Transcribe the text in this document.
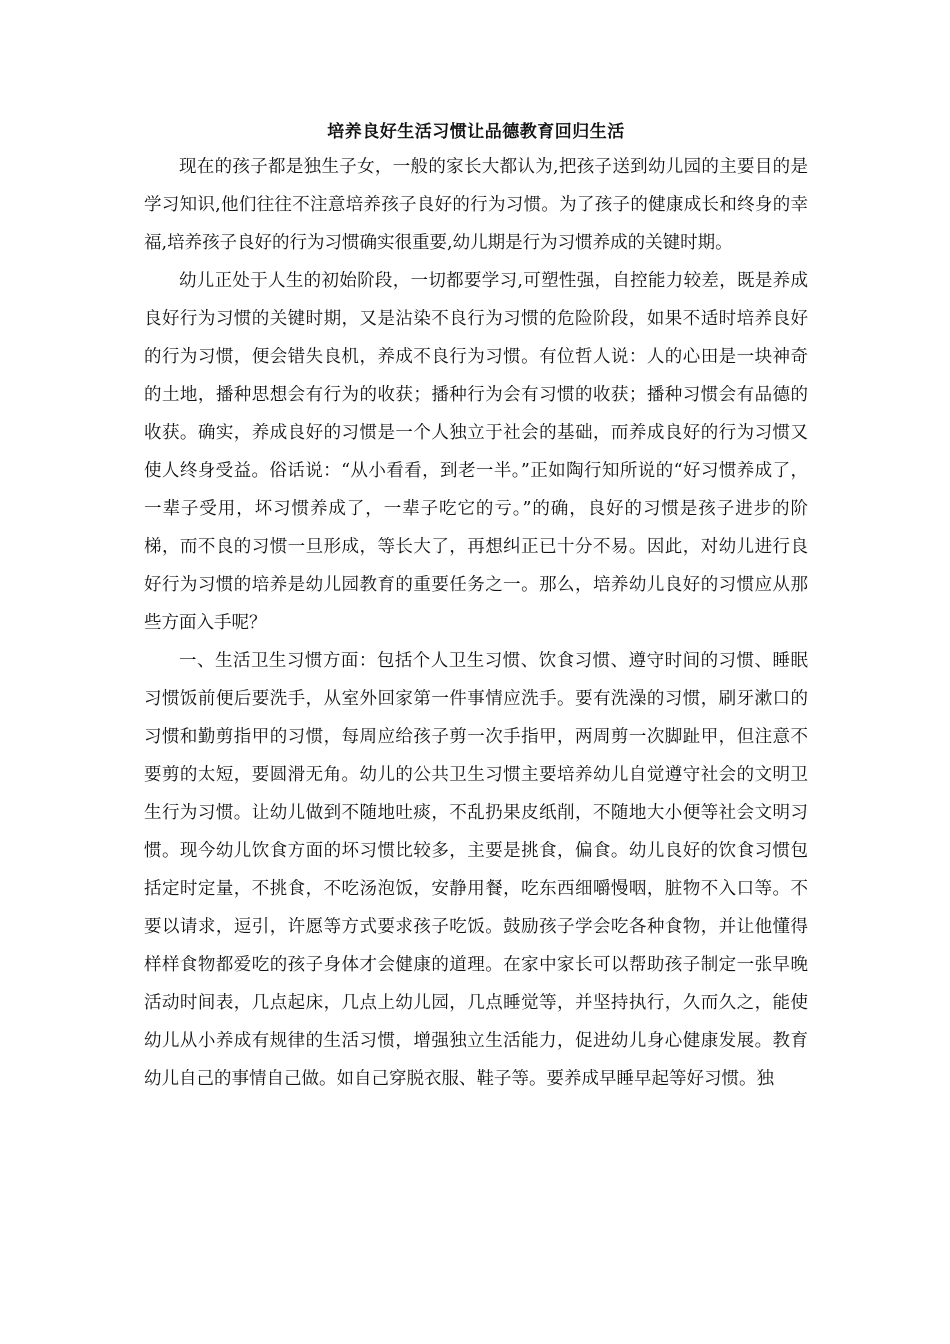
培养良好生活习惯让品德教育回归生活

现在的孩子都是独生子女，一般的家长大都认为,把孩子送到幼儿园的主要目的是学习知识,他们往往不注意培养孩子良好的行为习惯。为了孩子的健康成长和终身的幸福,培养孩子良好的行为习惯确实很重要,幼儿期是行为习惯养成的关键时期。

幼儿正处于人生的初始阶段，一切都要学习,可塑性强，自控能力较差，既是养成良好行为习惯的关键时期，又是沾染不良行为习惯的危险阶段，如果不适时培养良好的行为习惯，便会错失良机，养成不良行为习惯。有位哲人说：人的心田是一块神奇的土地，播种思想会有行为的收获；播种行为会有习惯的收获；播种习惯会有品德的收获。确实，养成良好的习惯是一个人独立于社会的基础，而养成良好的行为习惯又使人终身受益。俗话说：“从小看看，到老一半。”正如陶行知所说的“好习惯养成了，一辈子受用，坏习惯养成了，一辈子吃它的亏。”的确，良好的习惯是孩子进步的阶梯，而不良的习惯一旦形成，等长大了，再想纠正已十分不易。因此，对幼儿进行良好行为习惯的培养是幼儿园教育的重要任务之一。那么，培养幼儿良好的习惯应从那些方面入手呢？

一、生活卫生习惯方面：包括个人卫生习惯、饮食习惯、遵守时间的习惯、睡眠习惯饭前便后要洗手，从室外回家第一件事情应洗手。要有洗澡的习惯，刷牙漱口的习惯和勤剪指甲的习惯，每周应给孩子剪一次手指甲，两周剪一次脚趾甲，但注意不要剪的太短，要圆滑无角。幼儿的公共卫生习惯主要培养幼儿自觉遵守社会的文明卫生行为习惯。让幼儿做到不随地吐痰，不乱扔果皮纸削，不随地大小便等社会文明习惯。现今幼儿饮食方面的坏习惯比较多，主要是挑食，偏食。幼儿良好的饮食习惯包括定时定量，不挑食，不吃汤泡饭，安静用餐，吃东西细嚼慢咽，脏物不入口等。不要以请求，逗引，许愿等方式要求孩子吃饭。鼓励孩子学会吃各种食物，并让他懂得样样食物都爱吃的孩子身体才会健康的道理。在家中家长可以帮助孩子制定一张早晚活动时间表，几点起床，几点上幼儿园，几点睡觉等，并坚持执行，久而久之，能使幼儿从小养成有规律的生活习惯，增强独立生活能力，促进幼儿身心健康发展。教育幼儿自己的事情自己做。如自己穿脱衣服、鞋子等。要养成早睡早起等好习惯。独
